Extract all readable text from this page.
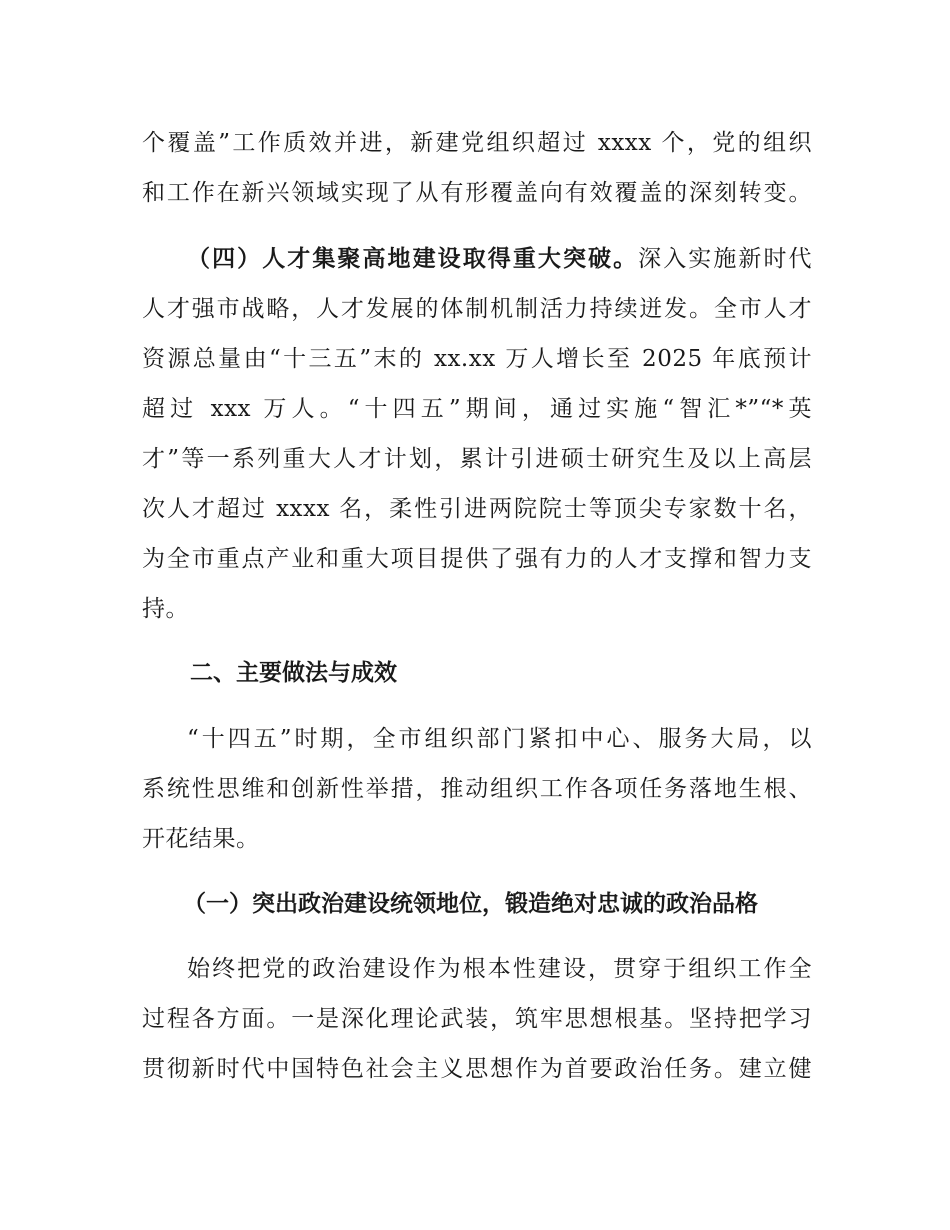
个覆盖”工作质效并进，新建党组织超过 xxxx 个，党的组织
和工作在新兴领域实现了从有形覆盖向有效覆盖的深刻转变。
（四）人才集聚高地建设取得重大突破。深入实施新时代
人才强市战略，人才发展的体制机制活力持续迸发。全市人才
资源总量由“十三五”末的 xx.xx 万人增长至 2025 年底预计
超过 xxx 万人。“十四五”期间，通过实施“智汇*”“*英
才”等一系列重大人才计划，累计引进硕士研究生及以上高层
次人才超过 xxxx 名，柔性引进两院院士等顶尖专家数十名，
为全市重点产业和重大项目提供了强有力的人才支撑和智力支
持。
二、主要做法与成效
“十四五”时期，全市组织部门紧扣中心、服务大局，以
系统性思维和创新性举措，推动组织工作各项任务落地生根、
开花结果。
（一）突出政治建设统领地位，锻造绝对忠诚的政治品格
始终把党的政治建设作为根本性建设，贯穿于组织工作全
过程各方面。一是深化理论武装，筑牢思想根基。坚持把学习
贯彻新时代中国特色社会主义思想作为首要政治任务。建立健
